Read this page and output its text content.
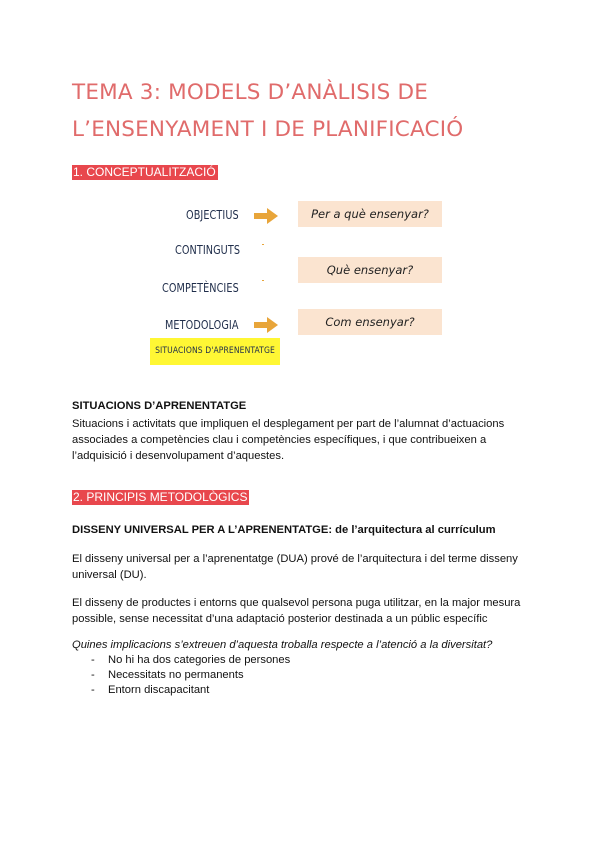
TEMA 3: MODELS D’ANÀLISIS DE
L’ENSENYAMENT I DE PLANIFICACIÓ
1. CONCEPTUALITZACIÓ
OBJECTIUS
CONTINGUTS
COMPETÈNCIES
METODOLOGIA
Per a què ensenyar?
Què ensenyar?
Com ensenyar?
SITUACIONS D'APRENENTATGE
SITUACIONS D’APRENENTATGE
Situacions i activitats que impliquen el desplegament per part de l’alumnat d’actuacions associades a competències clau i competències específiques, i que contribueixen a l’adquisició i desenvolupament d’aquestes.
2. PRINCIPIS METODOLÒGICS
DISSENY UNIVERSAL PER A L’APRENENTATGE: de l’arquitectura al currículum
El disseny universal per a l’aprenentatge (DUA) prové de l’arquitectura i del terme disseny universal (DU).
El disseny de productes i entorns que qualsevol persona puga utilitzar, en la major mesura possible, sense necessitat d’una adaptació posterior destinada a un públic específic
Quines implicacions s’extreuen d’aquesta troballa respecte a l’atenció a la diversitat?
- No hi ha dos categories de persones
- Necessitats no permanents
- Entorn discapacitant
